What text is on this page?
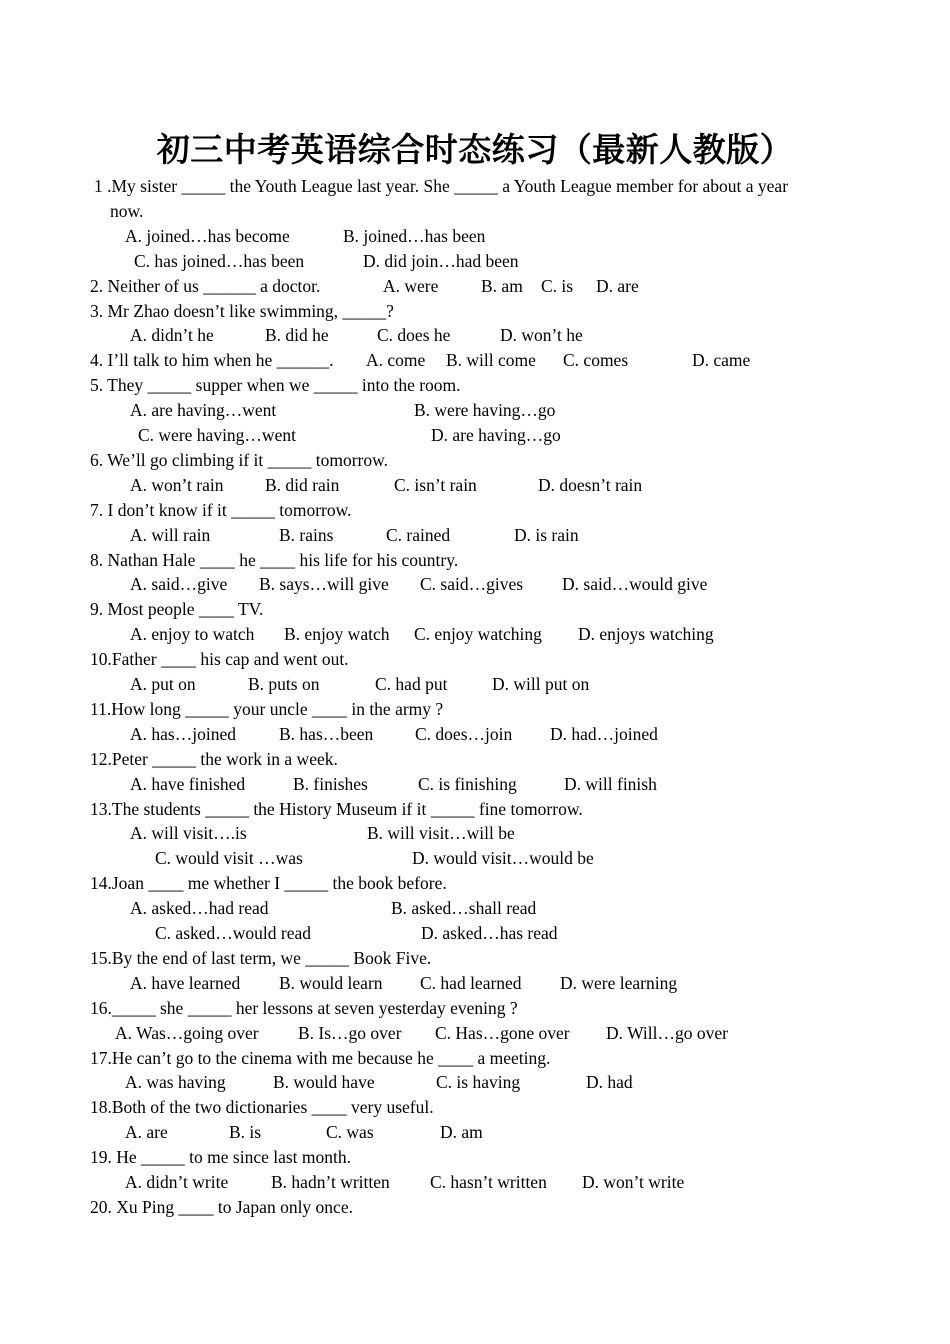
初三中考英语综合时态练习（最新人教版）
1 .My sister _____ the Youth League last year. She _____ a Youth League member for about a year
now.
A. joined…has become	B. joined…has been
C. has joined…has been	D. did join…had been
2. Neither of us ______ a doctor.	A. were B. am C. is D. are
3. Mr Zhao doesn’t like swimming, _____?
A. didn’t he	B. did he	C. does he	D. won’t he
4. I’ll talk to him when he ______. A. come B. will come C. comes	D. came
5. They _____ supper when we _____ into the room.
A. are having…went	B. were having…go
C. were having…went	D. are having…go
6. We’ll go climbing if it _____ tomorrow.
A. won’t rain B. did rain	C. isn’t rain	D. doesn’t rain
7. I don’t know if it _____ tomorrow.
A. will rain	B. rains	C. rained	D. is rain
8. Nathan Hale ____ he ____ his life for his country.
A. said…give B. says…will give C. said…gives D. said…would give
9. Most people ____ TV.
A. enjoy to watch B. enjoy watch C. enjoy watching D. enjoys watching
10.Father ____ his cap and went out.
A. put on	B. puts on	C. had put	D. will put on
11.How long _____ your uncle ____ in the army ?
A. has…joined B. has…been C. does…join D. had…joined
12.Peter _____ the work in a week.
A. have finished	B. finishes	C. is finishing	D. will finish
13.The students _____ the History Museum if it _____ fine tomorrow.
A. will visit….is	B. will visit…will be
C. would visit …was	D. would visit…would be
14.Joan ____ me whether I _____ the book before.
A. asked…had read	B. asked…shall read
C. asked…would read	D. asked…has read
15.By the end of last term, we _____ Book Five.
A. have learned B. would learn C. had learned D. were learning
16._____ she _____ her lessons at seven yesterday evening ?
A. Was…going over B. Is…go over C. Has…gone over D. Will…go over
17.He can’t go to the cinema with me because he ____ a meeting.
A. was having	B. would have	C. is having	D. had
18.Both of the two dictionaries ____ very useful.
A. are	B. is	C. was	D. am
19. He _____ to me since last month.
A. didn’t write B. hadn’t written C. hasn’t written D. won’t write
20. Xu Ping ____ to Japan only once.
